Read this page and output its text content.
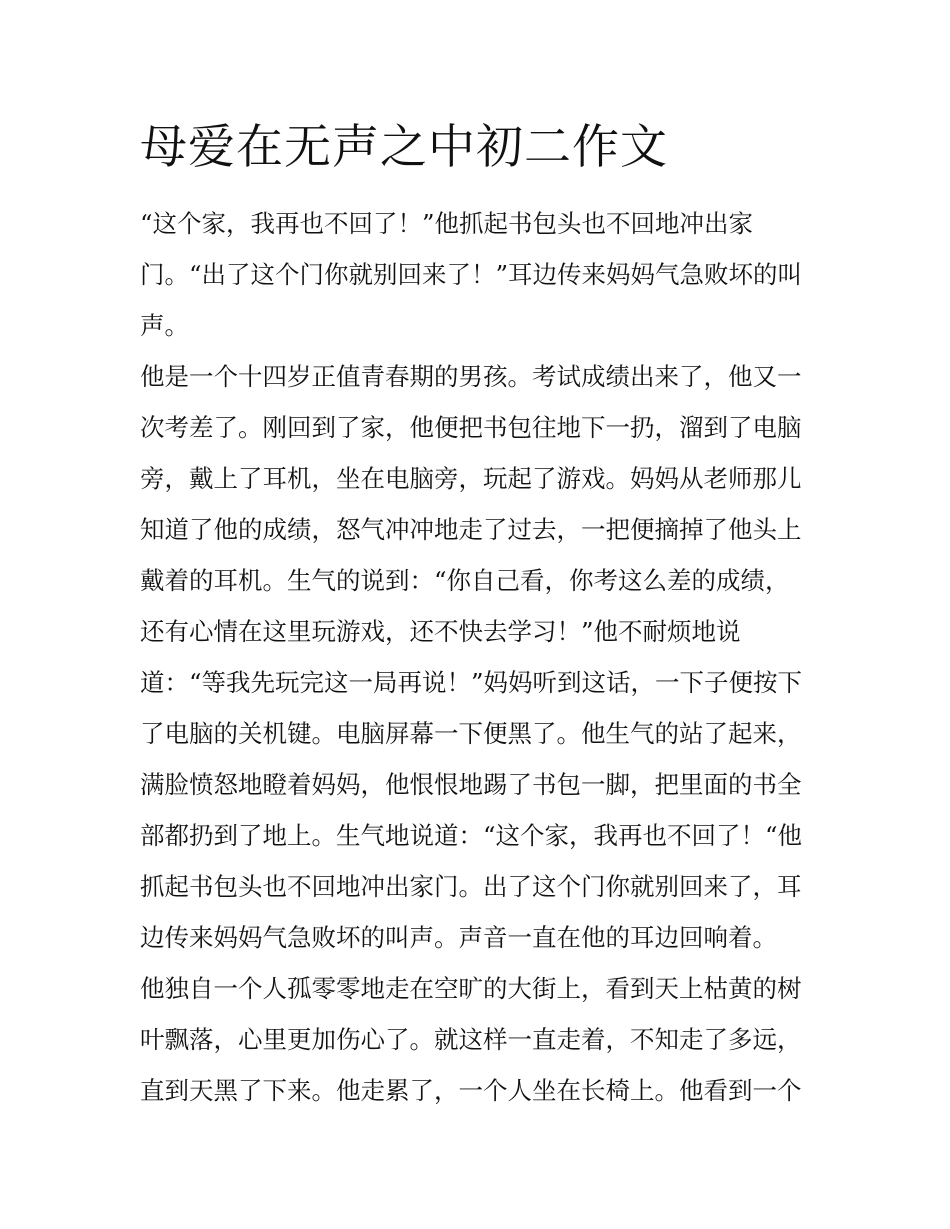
母爱在无声之中初二作文
“这个家，我再也不回了！”他抓起书包头也不回地冲出家
门。“出了这个门你就别回来了！”耳边传来妈妈气急败坏的叫
声。
他是一个十四岁正值青春期的男孩。考试成绩出来了，他又一
次考差了。刚回到了家，他便把书包往地下一扔，溜到了电脑
旁，戴上了耳机，坐在电脑旁，玩起了游戏。妈妈从老师那儿
知道了他的成绩，怒气冲冲地走了过去，一把便摘掉了他头上
戴着的耳机。生气的说到：“你自己看，你考这么差的成绩，
还有心情在这里玩游戏，还不快去学习！”他不耐烦地说
道：“等我先玩完这一局再说！”妈妈听到这话，一下子便按下
了电脑的关机键。电脑屏幕一下便黑了。他生气的站了起来，
满脸愤怒地瞪着妈妈，他恨恨地踢了书包一脚，把里面的书全
部都扔到了地上。生气地说道：“这个家，我再也不回了！“他
抓起书包头也不回地冲出家门。出了这个门你就别回来了，耳
边传来妈妈气急败坏的叫声。声音一直在他的耳边回响着。
他独自一个人孤零零地走在空旷的大街上，看到天上枯黄的树
叶飘落，心里更加伤心了。就这样一直走着，不知走了多远，
直到天黑了下来。他走累了，一个人坐在长椅上。他看到一个
